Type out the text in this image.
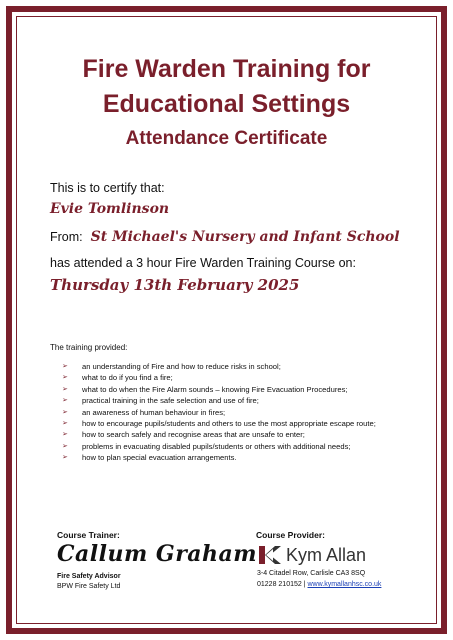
Fire Warden Training for
Educational Settings
Attendance Certificate
This is to certify that:
Evie Tomlinson
From: St Michael's Nursery and Infant School
has attended a 3 hour Fire Warden Training Course on:
Thursday 13th February 2025
The training provided:
➢	an understanding of Fire and how to reduce risks in school;
➢	what to do if you find a fire;
➢	what to do when the Fire Alarm sounds – knowing Fire Evacuation Procedures;
➢	practical training in the safe selection and use of fire;
➢	an awareness of human behaviour in fires;
➢	how to encourage pupils/students and others to use the most appropriate escape route;
➢	how to search safely and recognise areas that are unsafe to enter;
➢	problems in evacuating disabled pupils/students or others with additional needs;
➢	how to plan special evacuation arrangements.
Course Trainer:
Callum Graham
Fire Safety Advisor
BPW Fire Safety Ltd
Course Provider:
Kym Allan
3-4 Citadel Row, Carlisle CA3 8SQ
01228 210152 | www.kymallanhsc.co.uk
